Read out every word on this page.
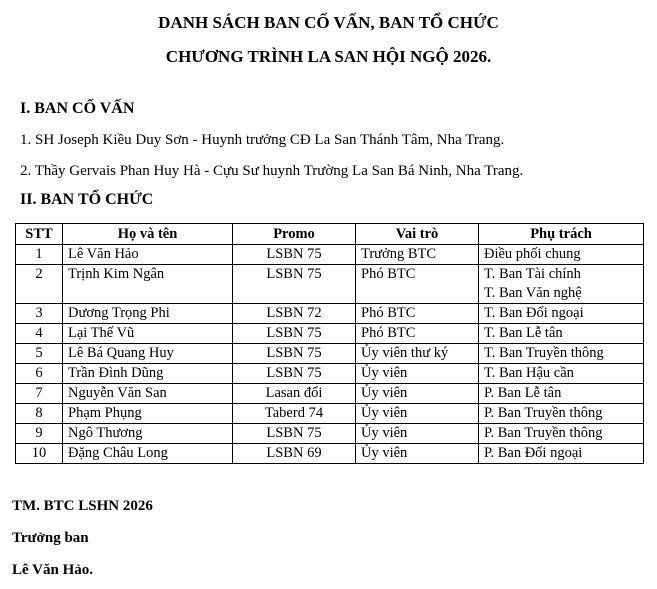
DANH SÁCH BAN CỐ VẤN, BAN TỔ CHỨC
CHƯƠNG TRÌNH LA SAN HỘI NGỘ 2026.
I. BAN CỐ VẤN
1. SH Joseph Kiều Duy Sơn - Huynh trưởng CĐ La San Thánh Tâm, Nha Trang.
2. Thầy Gervais Phan Huy Hà - Cựu Sư huynh Trường La San Bá Ninh, Nha Trang.
II. BAN TỔ CHỨC
STT	Họ và tên	Promo	Vai trò	Phụ trách
1	Lê Văn Hảo	LSBN 75	Trưởng BTC	Điều phối chung

2	Trịnh Kim Ngân	LSBN 75	Phó BTC	T. Ban Tài chính
T. Ban Văn nghệ

3	Dương Trọng Phi	LSBN 72	Phó BTC	T. Ban Đối ngoại

4	Lại Thế Vũ	LSBN 75	Phó BTC	T. Ban Lễ tân

5	Lê Bá Quang Huy	LSBN 75	Ủy viên thư ký	T. Ban Truyền thông

6	Trần Đình Dũng	LSBN 75	Ủy viên	T. Ban Hậu cần

7	Nguyễn Văn San	Lasan đổi	Ủy viên	P. Ban Lễ tân

8	Phạm Phụng	Taberd 74	Ủy viên	P. Ban Truyền thông

9	Ngô Thương	LSBN 75	Ủy viên	P. Ban Truyền thông

10	Đặng Châu Long	LSBN 69	Ủy viên	P. Ban Đối ngoại
TM. BTC LSHN 2026
Trưởng ban
Lê Văn Hảo.
